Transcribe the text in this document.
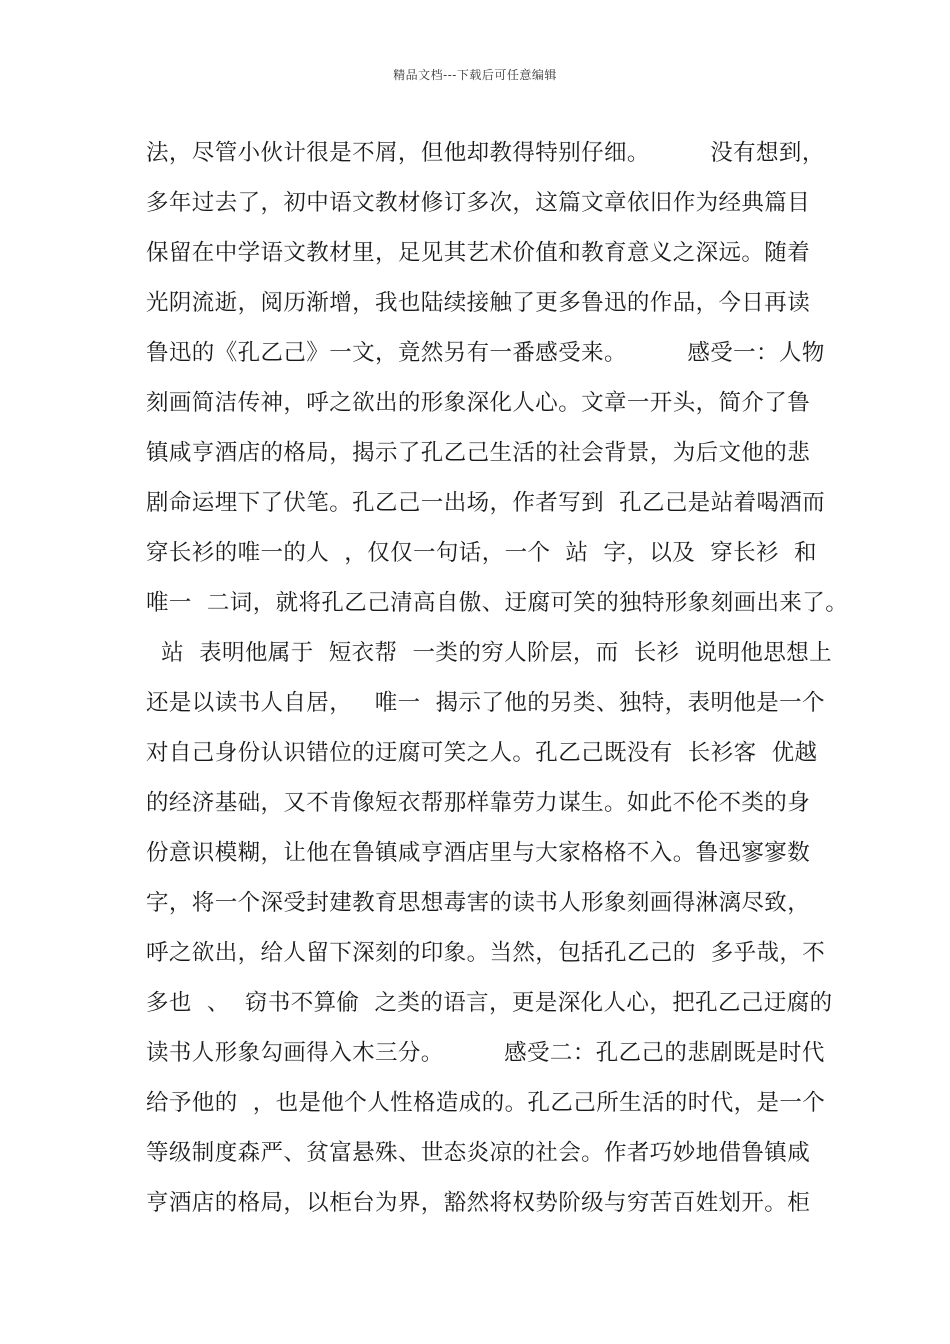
精品文档---下载后可任意编辑
法，尽管小伙计很是不屑，但他却教得特别仔细。        没有想到，
多年过去了，初中语文教材修订多次，这篇文章依旧作为经典篇目
保留在中学语文教材里，足见其艺术价值和教育意义之深远。随着
光阴流逝，阅历渐增，我也陆续接触了更多鲁迅的作品，今日再读
鲁迅的《孔乙己》一文，竟然另有一番感受来。        感受一：人物
刻画简洁传神，呼之欲出的形象深化人心。文章一开头，简介了鲁
镇咸亨酒店的格局，揭示了孔乙己生活的社会背景，为后文他的悲
剧命运埋下了伏笔。孔乙己一出场，作者写到  孔乙己是站着喝酒而
穿长衫的唯一的人  ，仅仅一句话，一个  站  字，以及  穿长衫  和
唯一  二词，就将孔乙己清高自傲、迂腐可笑的独特形象刻画出来了。
站  表明他属于  短衣帮  一类的穷人阶层，而  长衫  说明他思想上
还是以读书人自居，   唯一  揭示了他的另类、独特，表明他是一个
对自己身份认识错位的迂腐可笑之人。孔乙己既没有  长衫客  优越
的经济基础，又不肯像短衣帮那样靠劳力谋生。如此不伦不类的身
份意识模糊，让他在鲁镇咸亨酒店里与大家格格不入。鲁迅寥寥数
字，将一个深受封建教育思想毒害的读书人形象刻画得淋漓尽致，
呼之欲出，给人留下深刻的印象。当然，包括孔乙己的  多乎哉，不
多也  、  窃书不算偷  之类的语言，更是深化人心，把孔乙己迂腐的
读书人形象勾画得入木三分。        感受二：孔乙己的悲剧既是时代
给予他的  ，也是他个人性格造成的。孔乙己所生活的时代，是一个
等级制度森严、贫富悬殊、世态炎凉的社会。作者巧妙地借鲁镇咸
亨酒店的格局，以柜台为界，豁然将权势阶级与穷苦百姓划开。柜
